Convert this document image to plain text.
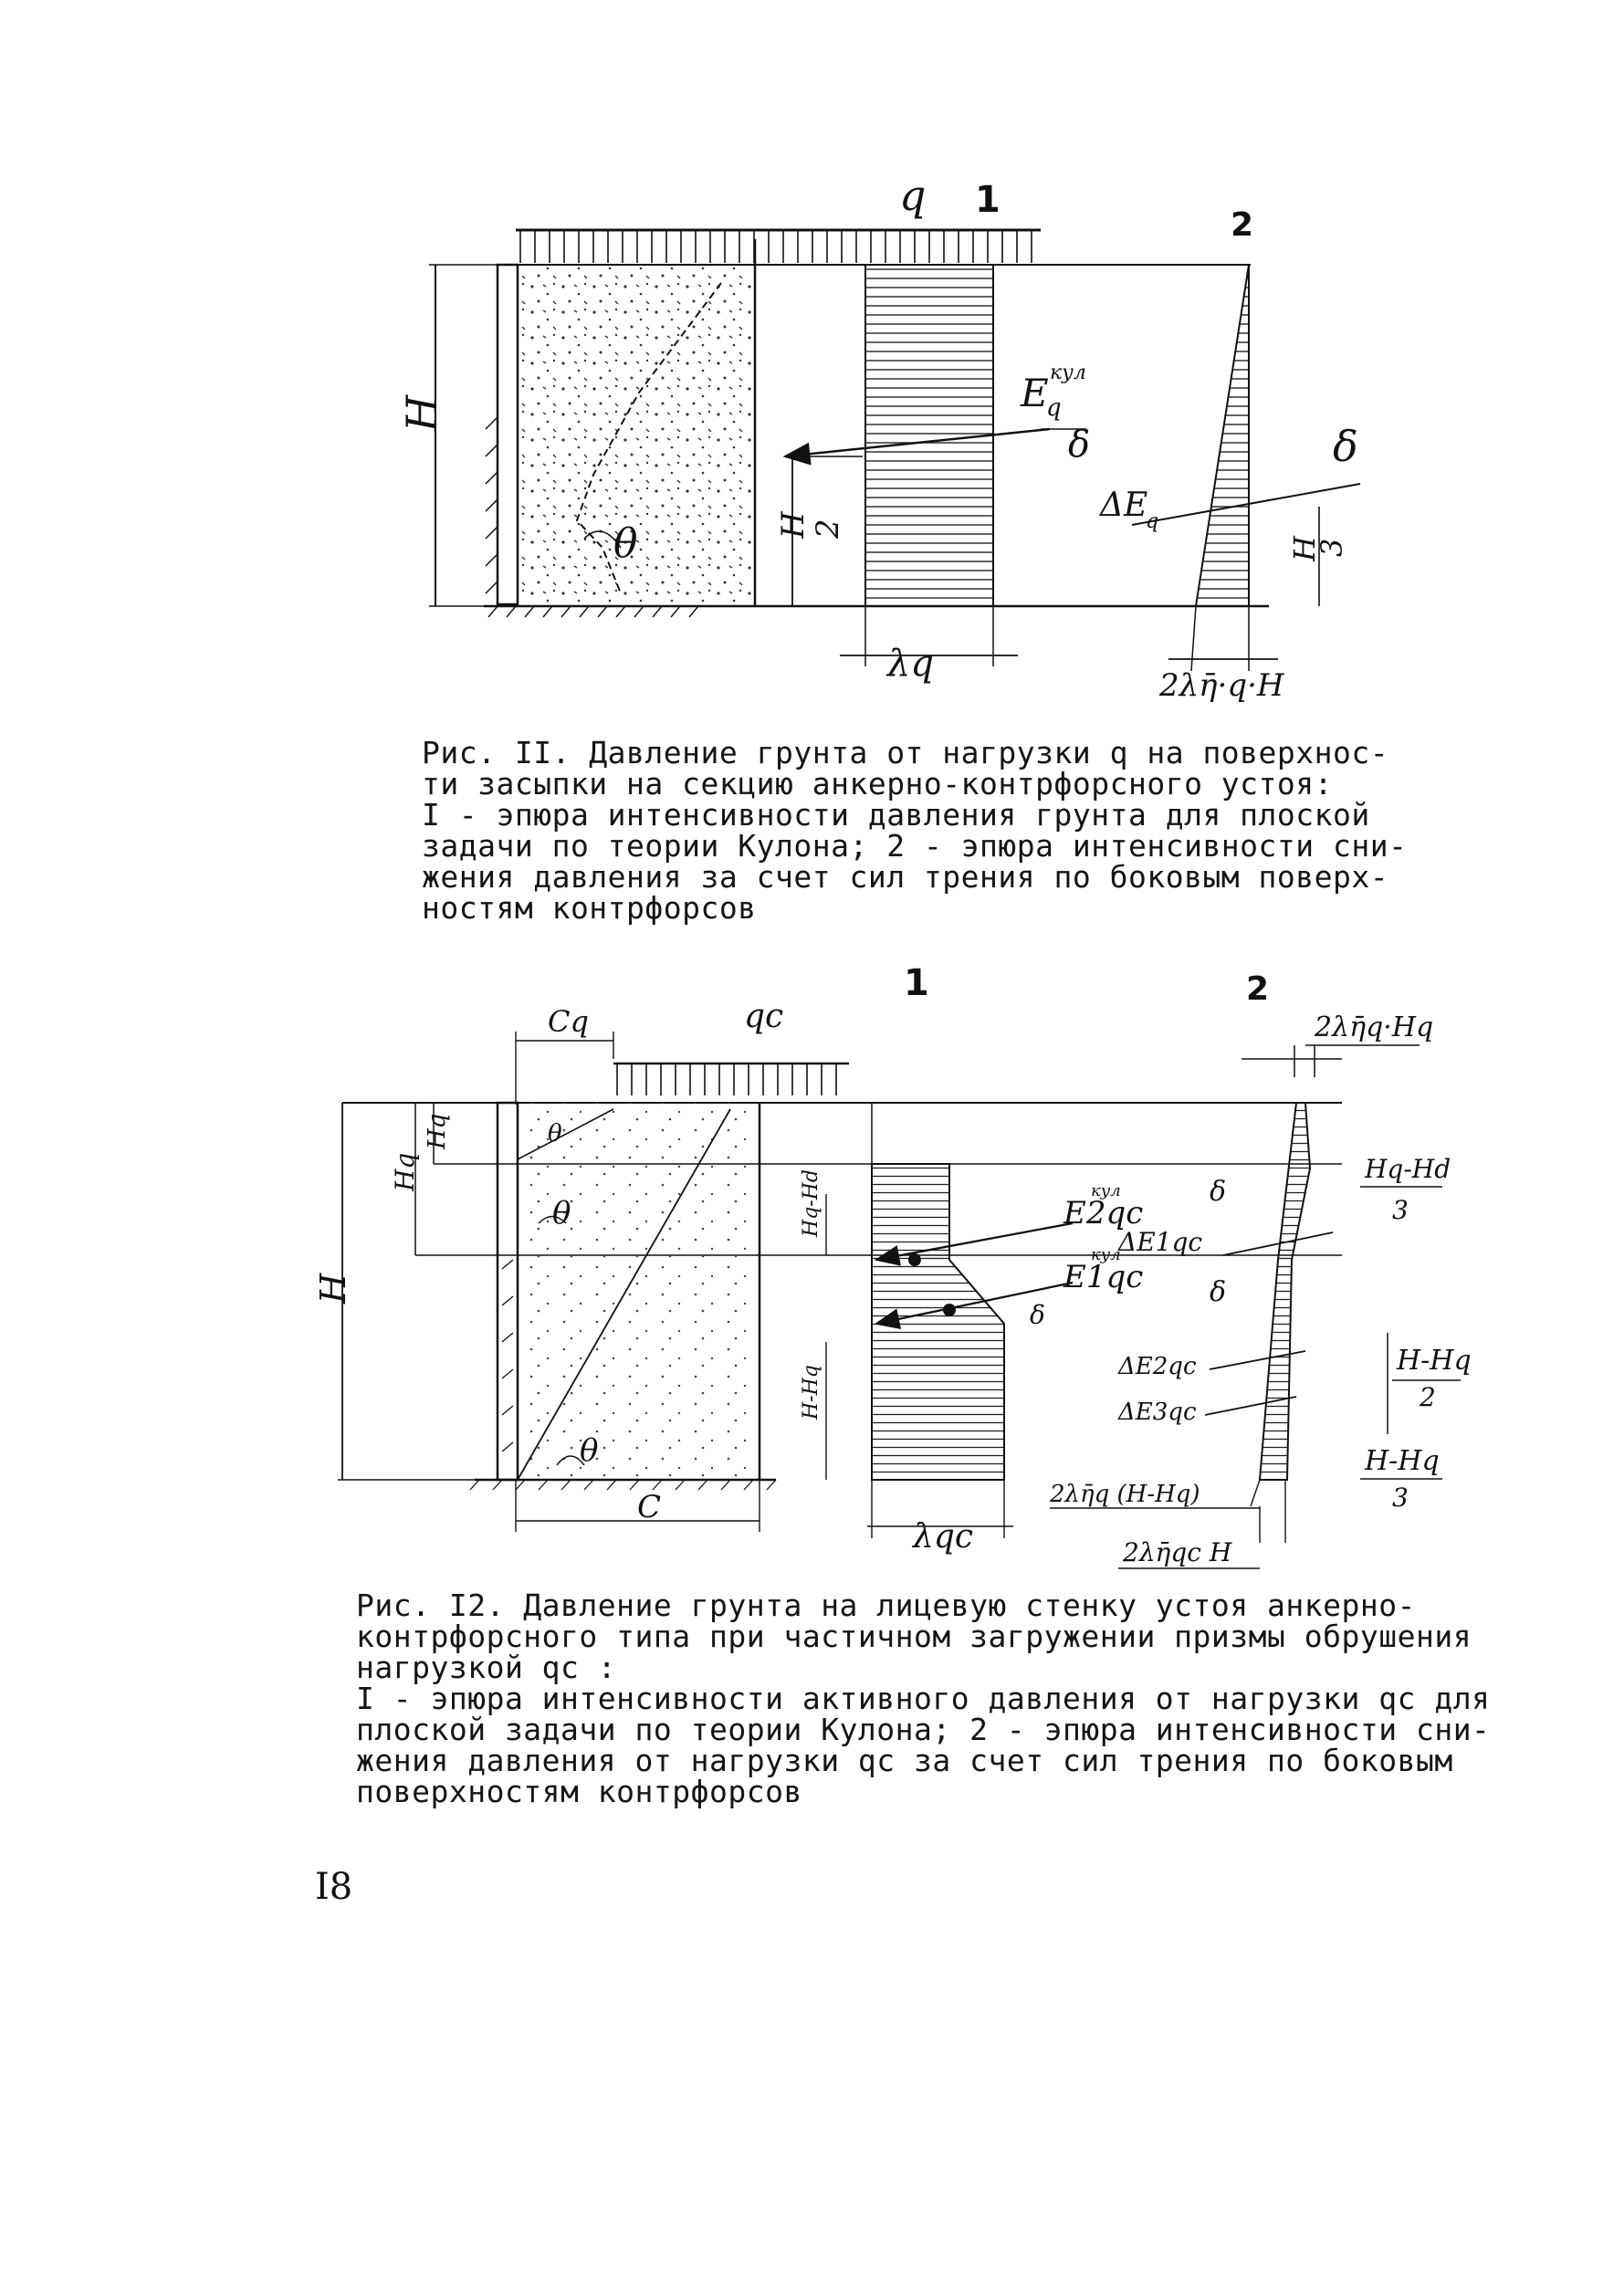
θ
H
λq
E
q
кул
δ
H
2
2λη̄·q·H
ΔE
q
δ
H
3
q 1
2
Рис. II. Давление грунта от нагрузки q на поверхнос-
ти засыпки на секцию анкерно-контрфорсного устоя:
I - эпюра интенсивности давления грунта для плоской
задачи по теории Кулона; 2 - эпюра интенсивности сни-
жения давления за счет сил трения по боковым поверх-
ностям контрфорсов
1	2
2λη̄q·Hq
Cq	qc
θ
θ
θ
H
Hq
Hq
C
E2qc
E1qc
кул
кул
δ
Hq-Hd
H-Hq
λqc
ΔE1qc
δ
ΔE2qc
δ
ΔE3qc
Hq-Hd
3
H-Hq
2
H-Hq
3
2λη̄q (H-Hq)
2λη̄qc H
Рис. I2. Давление грунта на лицевую стенку устоя анкерно-
контрфорсного типа при частичном загружении призмы обрушения
нагрузкой qc :
I - эпюра интенсивности активного давления от нагрузки qc для
плоской задачи по теории Кулона; 2 - эпюра интенсивности сни-
жения давления от нагрузки qc за счет сил трения по боковым
поверхностям контрфорсов
I8
